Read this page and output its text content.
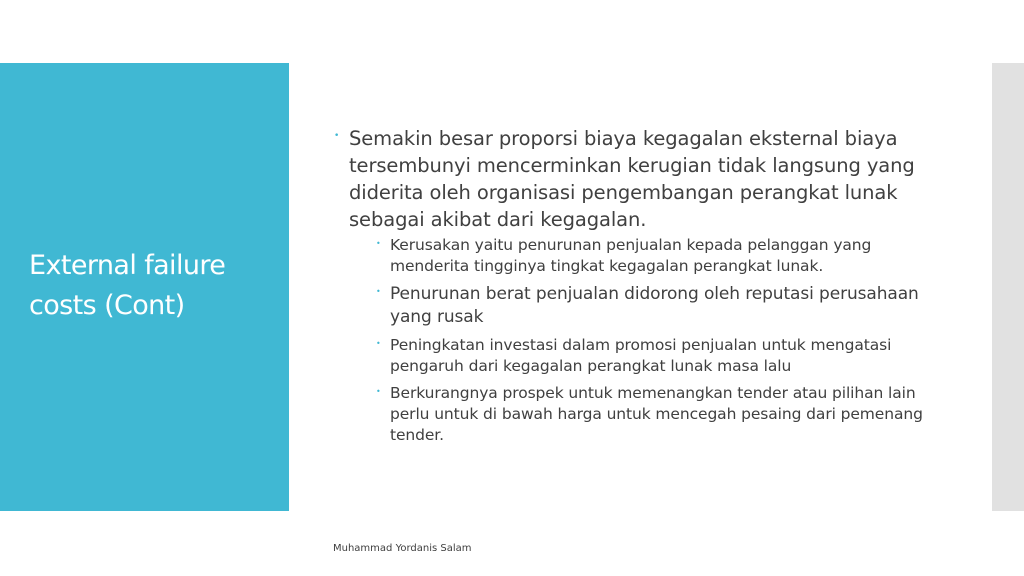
External failure costs (Cont)
• Semakin besar proporsi biaya kegagalan eksternal biaya tersembunyi mencerminkan kerugian tidak langsung yang diderita oleh organisasi pengembangan perangkat lunak sebagai akibat dari kegagalan.
• Kerusakan yaitu penurunan penjualan kepada pelanggan yang menderita tingginya tingkat kegagalan perangkat lunak.
• Penurunan berat penjualan didorong oleh reputasi perusahaan yang rusak
• Peningkatan investasi dalam promosi penjualan untuk mengatasi pengaruh dari kegagalan perangkat lunak masa lalu
• Berkurangnya prospek untuk memenangkan tender atau pilihan lain perlu untuk di bawah harga untuk mencegah pesaing dari pemenang tender.
Muhammad Yordanis Salam
